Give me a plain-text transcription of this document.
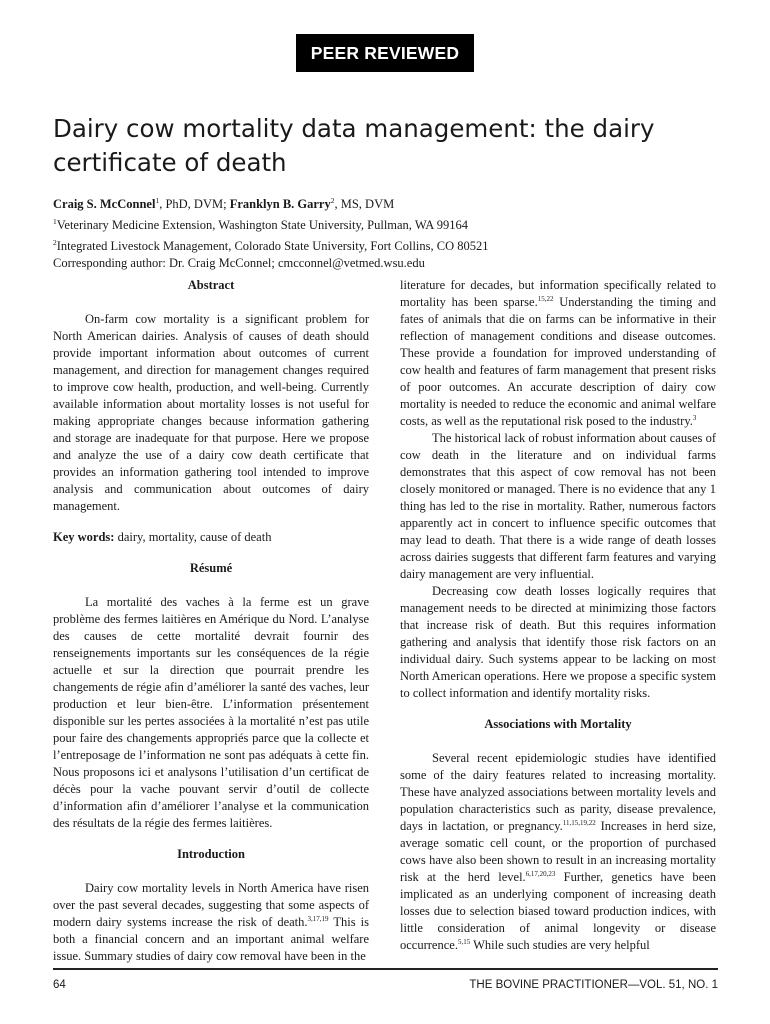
PEER REVIEWED
Dairy cow mortality data management: the dairy certificate of death
Craig S. McConnel$^1$, PhD, DVM; Franklyn B. Garry$^2$, MS, DVM
$^1$Veterinary Medicine Extension, Washington State University, Pullman, WA 99164
$^2$Integrated Livestock Management, Colorado State University, Fort Collins, CO 80521
Corresponding author: Dr. Craig McConnel; cmcconnel@vetmed.wsu.edu
Abstract

On-farm cow mortality is a significant problem for North American dairies. Analysis of causes of death should provide important information about outcomes of current management, and direction for management changes required to improve cow health, production, and well-being. Currently available information about mortality losses is not useful for making appropriate changes because information gathering and storage are inadequate for that purpose. Here we propose and analyze the use of a dairy cow death certificate that provides an information gathering tool intended to improve analysis and communication about outcomes of dairy management.

Key words: dairy, mortality, cause of death

Résumé

La mortalité des vaches à la ferme est un grave problème des fermes laitières en Amérique du Nord. L’analyse des causes de cette mortalité devrait fournir des renseignements importants sur les conséquences de la régie actuelle et sur la direction que pourrait prendre les changements de régie afin d’améliorer la santé des vaches, leur production et leur bien-être. L’information présentement disponible sur les pertes associées à la mortalité n’est pas utile pour faire des changements appropriés parce que la collecte et l’entreposage de l’information ne sont pas adéquats à cette fin. Nous proposons ici et analysons l’utilisation d’un certificat de décès pour la vache pouvant servir d’outil de collecte d’information afin d’améliorer l’analyse et la communication des résultats de la régie des fermes laitières.

Introduction

Dairy cow mortality levels in North America have risen over the past several decades, suggesting that some aspects of modern dairy systems increase the risk of death.$^{3,17,19}$ This is both a financial concern and an important animal welfare issue. Summary studies of dairy cow removal have been in the

literature for decades, but information specifically related to mortality has been sparse.$^{15,22}$ Understanding the timing and fates of animals that die on farms can be informative in their reflection of management conditions and disease outcomes. These provide a foundation for improved understanding of cow health and features of farm management that present risks of poor outcomes. An accurate description of dairy cow mortality is needed to reduce the economic and animal welfare costs, as well as the reputational risk posed to the industry.$^3$

The historical lack of robust information about causes of cow death in the literature and on individual farms demonstrates that this aspect of cow removal has not been closely monitored or managed. There is no evidence that any 1 thing has led to the rise in mortality. Rather, numerous factors apparently act in concert to influence specific outcomes that may lead to death. That there is a wide range of death losses across dairies suggests that different farm features and varying dairy management are very influential.

Decreasing cow death losses logically requires that management needs to be directed at minimizing those factors that increase risk of death. But this requires information gathering and analysis that identify those risk factors on an individual dairy. Such systems appear to be lacking on most North American operations. Here we propose a specific system to collect information and identify mortality risks.

Associations with Mortality

Several recent epidemiologic studies have identified some of the dairy features related to increasing mortality. These have analyzed associations between mortality levels and population characteristics such as parity, disease prevalence, days in lactation, or pregnancy.$^{11,15,19,22}$ Increases in herd size, average somatic cell count, or the proportion of purchased cows have also been shown to result in an increasing mortality risk at the herd level.$^{6,17,20,23}$ Further, genetics have been implicated as an underlying component of increasing death losses due to selection biased toward production indices, with little consideration of animal longevity or disease occurrence.$^{5,15}$ While such studies are very helpful

64	THE BOVINE PRACTITIONER—VOL. 51, NO. 1
